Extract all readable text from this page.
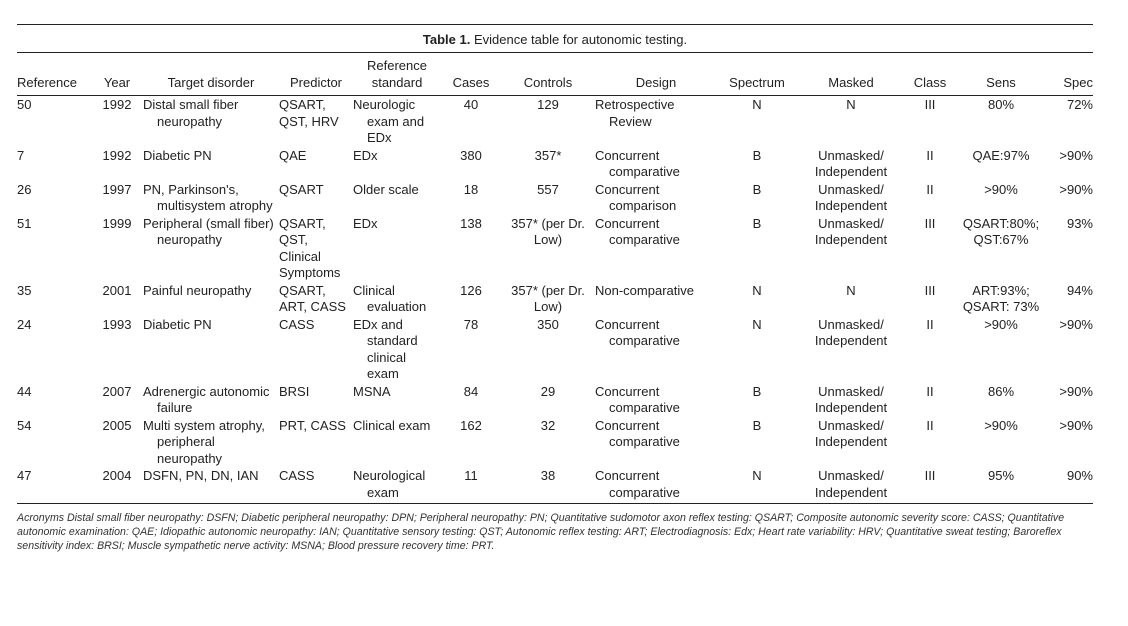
Table 1. Evidence table for autonomic testing.
Reference	Year	Target disorder	Predictor	Reference standard	Cases	Controls	Design	Spectrum	Masked	Class	Sens	Spec
50	1992	Distal small fiber neuropathy	QSART, QST, HRV	Neurologic exam and EDx	40	129	Retrospective Review	N	N	III	80%	72%
7	1992	Diabetic PN	QAE	EDx	380	357*	Concurrent comparative	B	Unmasked/ Independent	II	QAE:97%	>90%
26	1997	PN, Parkinson's, multisystem atrophy	QSART	Older scale	18	557	Concurrent comparison	B	Unmasked/ Independent	II	>90%	>90%
51	1999	Peripheral (small fiber) neuropathy	QSART, QST, Clinical Symptoms	EDx	138	357* (per Dr. Low)	Concurrent comparative	B	Unmasked/ Independent	III	QSART:80%; QST:67%	93%
35	2001	Painful neuropathy	QSART, ART, CASS	Clinical evaluation	126	357* (per Dr. Low)	Non-comparative	N	N	III	ART:93%; QSART: 73%	94%
24	1993	Diabetic PN	CASS	EDx and standard clinical exam	78	350	Concurrent comparative	N	Unmasked/ Independent	II	>90%	>90%
44	2007	Adrenergic autonomic failure	BRSI	MSNA	84	29	Concurrent comparative	B	Unmasked/ Independent	II	86%	>90%
54	2005	Multi system atrophy, peripheral neuropathy	PRT, CASS	Clinical exam	162	32	Concurrent comparative	B	Unmasked/ Independent	II	>90%	>90%
47	2004	DSFN, PN, DN, IAN	CASS	Neurological exam	11	38	Concurrent comparative	N	Unmasked/ Independent	III	95%	90%
Acronyms Distal small fiber neuropathy: DSFN; Diabetic peripheral neuropathy: DPN; Peripheral neuropathy: PN; Quantitative sudomotor axon reflex testing: QSART; Composite autonomic severity score: CASS; Quantitative autonomic examination: QAE; Idiopathic autonomic neuropathy: IAN; Quantitative sensory testing: QST; Autonomic reflex testing: ART; Electrodiagnosis: Edx; Heart rate variability: HRV; Quantitative sweat testing; Baroreflex sensitivity index: BRSI; Muscle sympathetic nerve activity: MSNA; Blood pressure recovery time: PRT.
